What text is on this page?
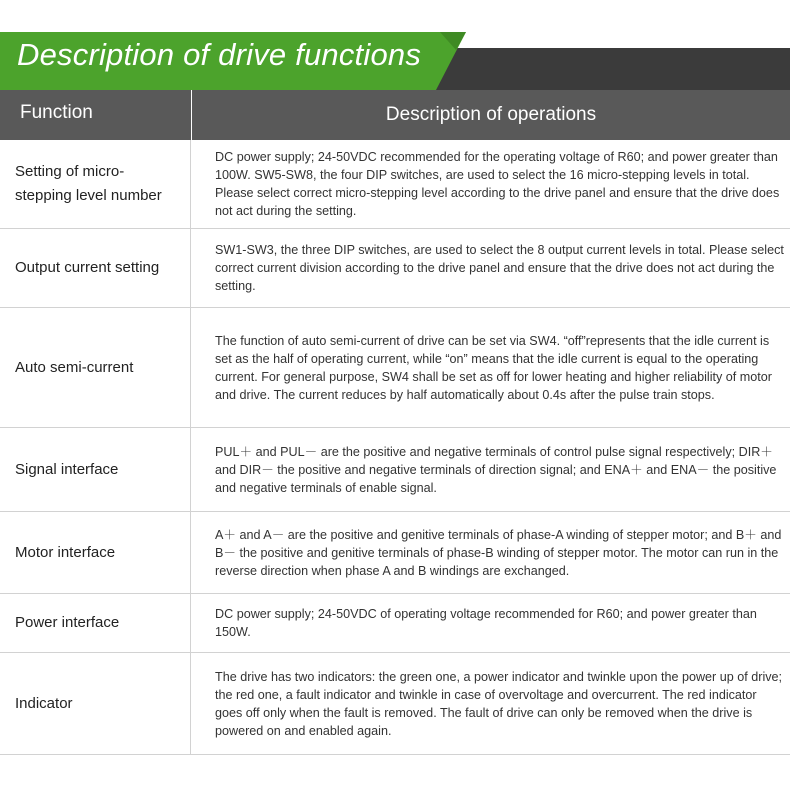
Description of drive functions
Function	Description of operations
Setting of micro-stepping level number
DC power supply; 24-50VDC recommended for the operating voltage of R60; and power greater than 100W. SW5-SW8, the four DIP switches, are used to select the 16 micro-stepping levels in total. Please select correct micro-stepping level according to the drive panel and ensure that the drive does not act during the setting.
Output current setting
SW1-SW3, the three DIP switches, are used to select the 8 output current levels in total. Please select correct current division according to the drive panel and ensure that the drive does not act during the setting.
Auto semi-current
The function of auto semi-current of drive can be set via SW4. “off”represents that the idle current is set as the half of operating current, while “on” means that the idle current is equal to the operating current. For general purpose, SW4 shall be set as off for lower heating and higher reliability of motor and drive. The current reduces by half automatically about 0.4s after the pulse train stops.
Signal interface
PUL＋ and PUL－ are the positive and negative terminals of control pulse signal respectively; DIR＋ and DIR－ the positive and negative terminals of direction signal; and ENA＋ and ENA－ the positive and negative terminals of enable signal.
Motor interface
A＋ and A－ are the positive and genitive terminals of phase-A winding of stepper motor; and B＋ and B－ the positive and genitive terminals of phase-B winding of stepper motor. The motor can run in the reverse direction when phase A and B windings are exchanged.
Power interface	DC power supply; 24-50VDC of operating voltage recommended for R60; and power greater than 150W.
Indicator
The drive has two indicators: the green one, a power indicator and twinkle upon the power up of drive; the red one, a fault indicator and twinkle in case of overvoltage and overcurrent. The red indicator goes off only when the fault is removed. The fault of drive can only be removed when the drive is powered on and enabled again.
